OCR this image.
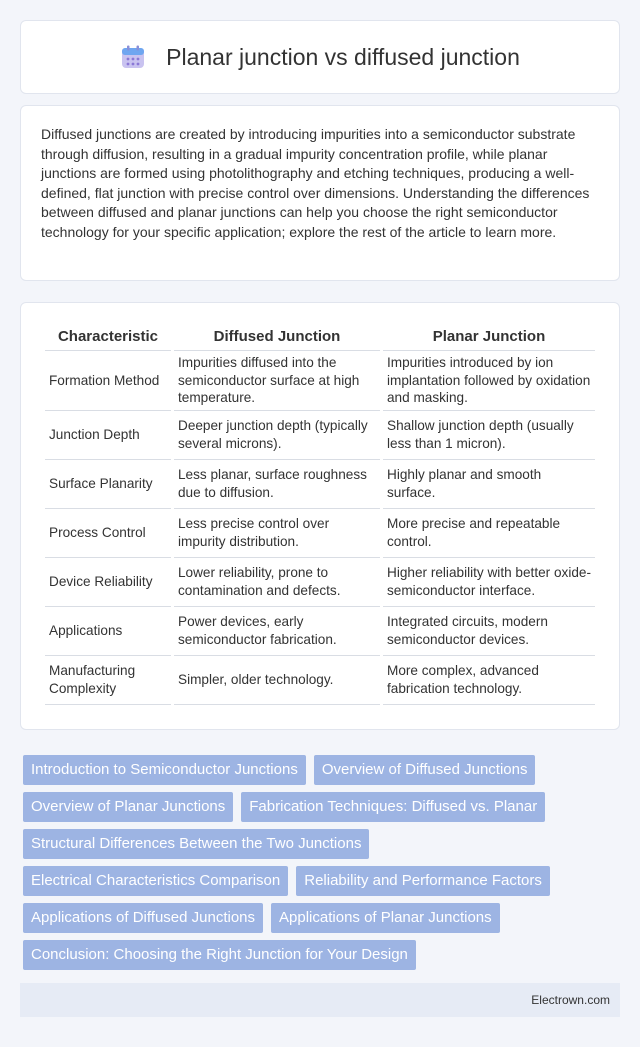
Planar junction vs diffused junction

Diffused junctions are created by introducing impurities into a semiconductor substrate through diffusion, resulting in a gradual impurity concentration profile, while planar junctions are formed using photolithography and etching techniques, producing a well-defined, flat junction with precise control over dimensions. Understanding the differences between diffused and planar junctions can help you choose the right semiconductor technology for your specific application; explore the rest of the article to learn more.

Characteristic	Diffused Junction	Planar Junction
Formation Method	Impurities diffused into the semiconductor surface at high temperature.	Impurities introduced by ion implantation followed by oxidation and masking.
Junction Depth	Deeper junction depth (typically several microns).	Shallow junction depth (usually less than 1 micron).
Surface Planarity	Less planar, surface roughness due to diffusion.	Highly planar and smooth surface.
Process Control	Less precise control over impurity distribution.	More precise and repeatable control.
Device Reliability	Lower reliability, prone to contamination and defects.	Higher reliability with better oxide-semiconductor interface.
Applications	Power devices, early semiconductor fabrication.	Integrated circuits, modern semiconductor devices.
Manufacturing Complexity	Simpler, older technology.	More complex, advanced fabrication technology.
Introduction to Semiconductor Junctions	Overview of Diffused Junctions
Overview of Planar Junctions	Fabrication Techniques: Diffused vs. Planar
Structural Differences Between the Two Junctions
Electrical Characteristics Comparison	Reliability and Performance Factors
Applications of Diffused Junctions	Applications of Planar Junctions
Conclusion: Choosing the Right Junction for Your Design
Electrown.com
